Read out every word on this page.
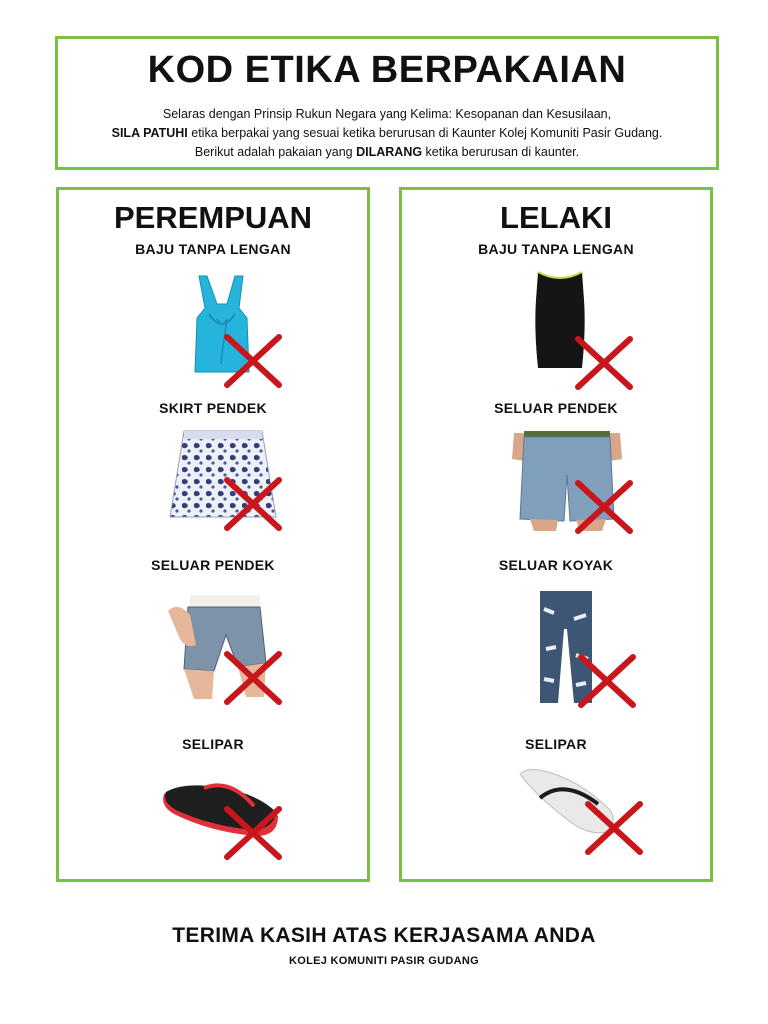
KOD ETIKA BERPAKAIAN
Selaras dengan Prinsip Rukun Negara yang Kelima: Kesopanan dan Kesusilaan,
SILA PATUHI etika berpakai yang sesuai ketika berurusan di Kaunter Kolej Komuniti Pasir Gudang.
Berikut adalah pakaian yang DILARANG ketika berurusan di kaunter.
PEREMPUAN
BAJU TANPA LENGAN
SKIRT PENDEK
SELUAR PENDEK
SELIPAR
LELAKI
BAJU TANPA LENGAN
SELUAR PENDEK
SELUAR KOYAK
SELIPAR
TERIMA KASIH ATAS KERJASAMA ANDA
KOLEJ KOMUNITI PASIR GUDANG
